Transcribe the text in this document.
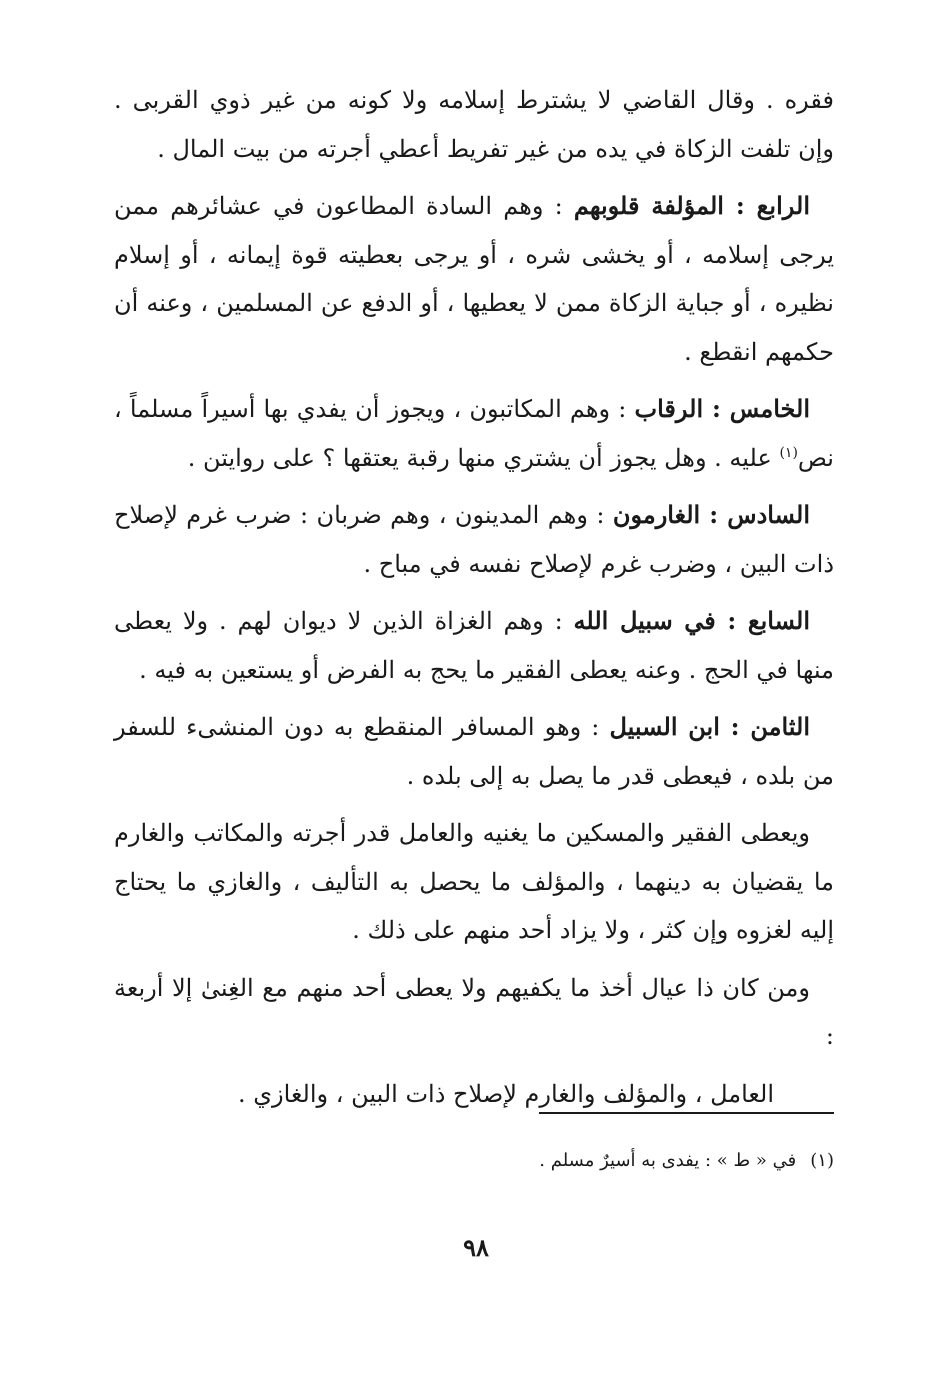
فقره . وقال القاضي لا يشترط إسلامه ولا كونه من غير ذوي القربى . وإن تلفت الزكاة في يده من غير تفريط أعطي أجرته من بيت المال .

الرابع : المؤلفة قلوبهم : وهم السادة المطاعون في عشائرهم ممن يرجى إسلامه ، أو يخشى شره ، أو يرجى بعطيته قوة إيمانه ، أو إسلام نظيره ، أو جباية الزكاة ممن لا يعطيها ، أو الدفع عن المسلمين ، وعنه أن حكمهم انقطع .

الخامس : الرقاب : وهم المكاتبون ، ويجوز أن يفدي بها أسيراً مسلماً ، نص$^{(١)}$ عليه . وهل يجوز أن يشتري منها رقبة يعتقها ؟ على روايتن .

السادس : الغارمون : وهم المدينون ، وهم ضربان : ضرب غرم لإصلاح ذات البين ، وضرب غرم لإصلاح نفسه في مباح .

السابع : في سبيل الله : وهم الغزاة الذين لا ديوان لهم . ولا يعطى منها في الحج . وعنه يعطى الفقير ما يحج به الفرض أو يستعين به فيه .

الثامن : ابن السبيل : وهو المسافر المنقطع به دون المنشىء للسفر من بلده ، فيعطى قدر ما يصل به إلى بلده .

ويعطى الفقير والمسكين ما يغنيه والعامل قدر أجرته والمكاتب والغارم ما يقضيان به دينهما ، والمؤلف ما يحصل به التأليف ، والغازي ما يحتاج إليه لغزوه وإن كثر ، ولا يزاد أحد منهم على ذلك .

ومن كان ذا عيال أخذ ما يكفيهم ولا يعطى أحد منهم مع الغِنىٰ إلا أربعة :

العامل ، والمؤلف والغارم لإصلاح ذات البين ، والغازي .

(١)في « ط » : يفدى به أسيرٌ مسلم .
٩٨
